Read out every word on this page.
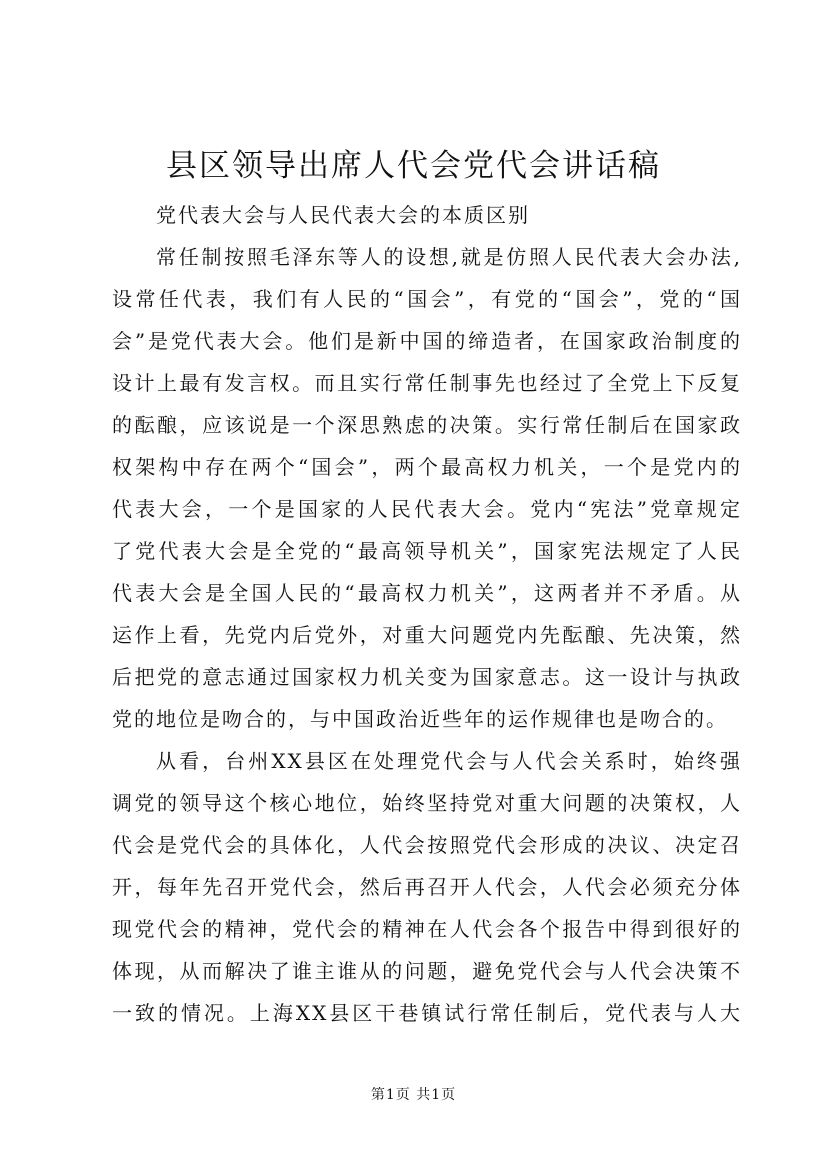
县区领导出席人代会党代会讲话稿

党代表大会与人民代表大会的本质区别

常任制按照毛泽东等人的设想,就是仿照人民代表大会办法,
设常任代表，我们有人民的“国会”，有党的“国会”，党的“国
会”是党代表大会。他们是新中国的缔造者，在国家政治制度的
设计上最有发言权。而且实行常任制事先也经过了全党上下反复
的酝酿，应该说是一个深思熟虑的决策。实行常任制后在国家政
权架构中存在两个“国会”，两个最高权力机关，一个是党内的
代表大会，一个是国家的人民代表大会。党内“宪法”党章规定
了党代表大会是全党的“最高领导机关”，国家宪法规定了人民
代表大会是全国人民的“最高权力机关”，这两者并不矛盾。从
运作上看，先党内后党外，对重大问题党内先酝酿、先决策，然
后把党的意志通过国家权力机关变为国家意志。这一设计与执政
党的地位是吻合的，与中国政治近些年的运作规律也是吻合的。
从看，台州XX县区在处理党代会与人代会关系时，始终强
调党的领导这个核心地位，始终坚持党对重大问题的决策权，人
代会是党代会的具体化，人代会按照党代会形成的决议、决定召
开，每年先召开党代会，然后再召开人代会，人代会必须充分体
现党代会的精神，党代会的精神在人代会各个报告中得到很好的
体现，从而解决了谁主谁从的问题，避免党代会与人代会决策不
一致的情况。上海XX县区干巷镇试行常任制后，党代表与人大
第1页 共1页
